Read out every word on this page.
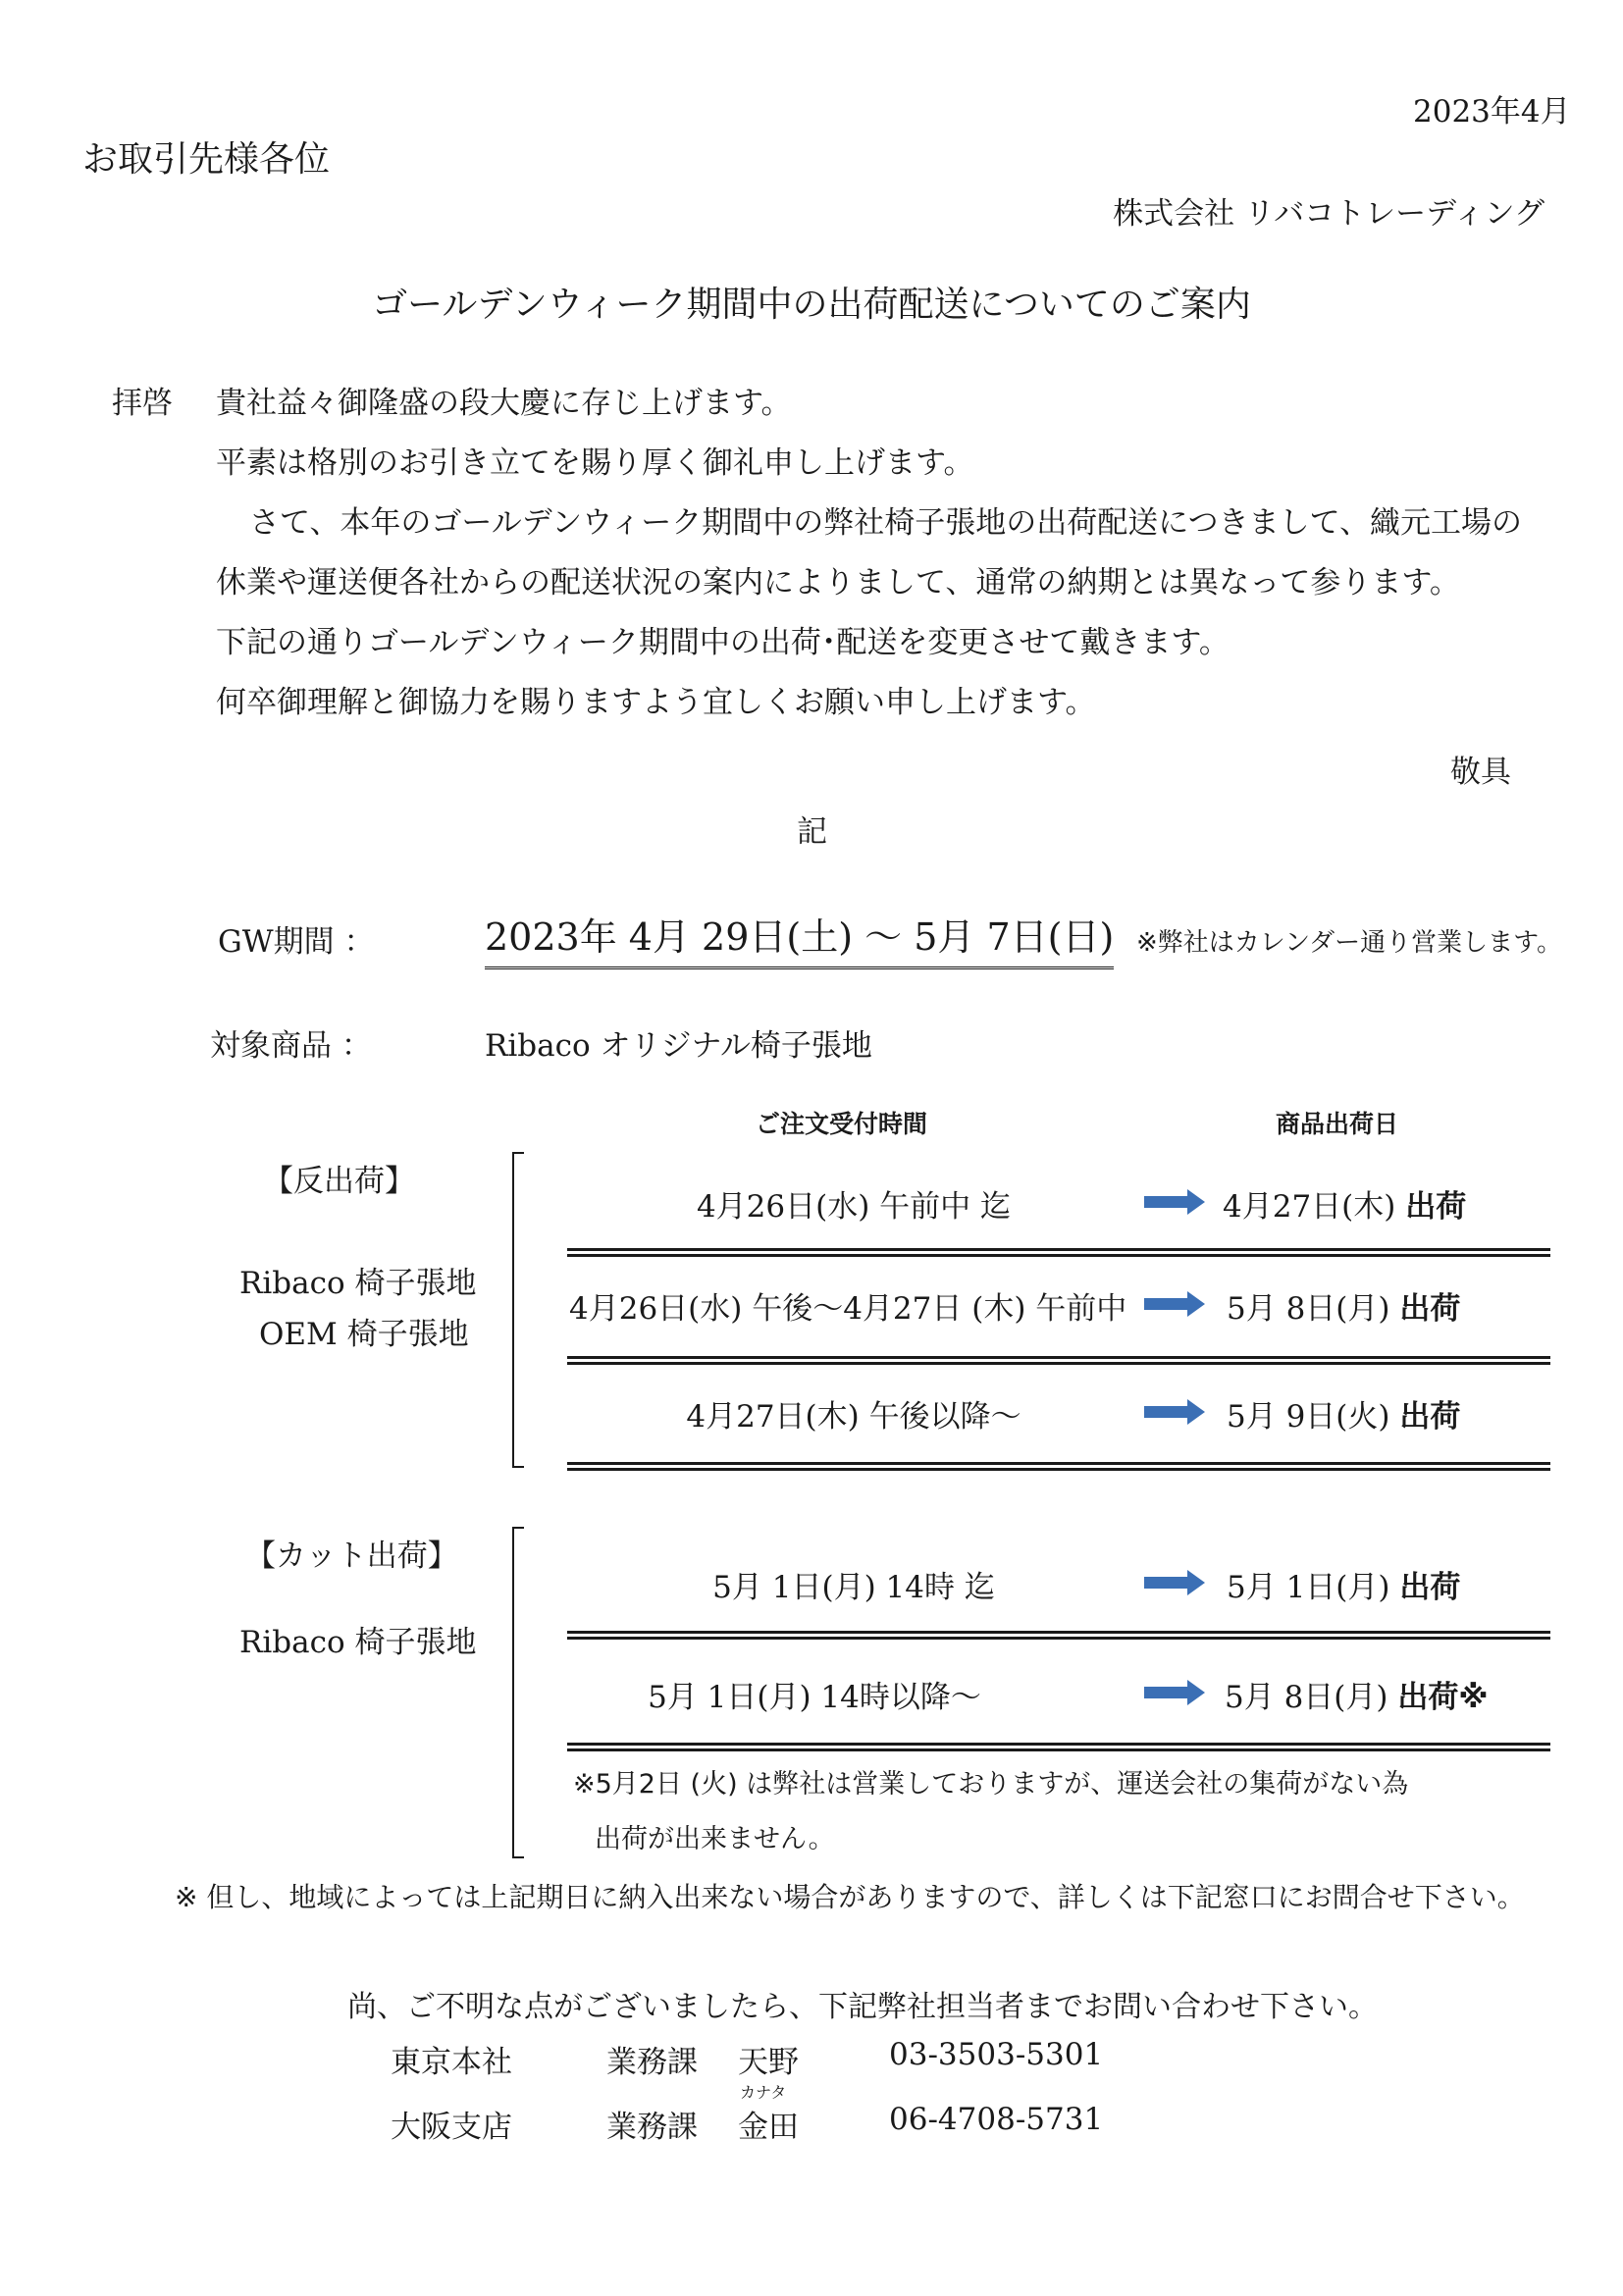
2023年4月
お取引先様各位
株式会社 リバコトレーディング
ゴールデンウィーク期間中の出荷配送についてのご案内
拝啓 貴社益々御隆盛の段大慶に存じ上げます。
平素は格別のお引き立てを賜り厚く御礼申し上げます。
さて、本年のゴールデンウィーク期間中の弊社椅子張地の出荷配送につきまして、織元工場の
休業や運送便各社からの配送状況の案内によりまして、通常の納期とは異なって参ります。
下記の通りゴールデンウィーク期間中の出荷･配送を変更させて戴きます。
何卒御理解と御協力を賜りますよう宜しくお願い申し上げます。
敬具
記
GW期間 ：	2023年 4月 29日(土) ～ 5月 7日(日) ※弊社はカレンダー通り営業します。
対象商品 ：	Ribaco オリジナル椅子張地
ご注文受付時間	商品出荷日
【反出荷】
Ribaco 椅子張地
OEM 椅子張地
4月26日(水) 午前中 迄	4月27日(木) 出荷
4月26日(水) 午後～4月27日 (木) 午前中	5月 8日(月) 出荷
4月27日(木) 午後以降～	5月 9日(火) 出荷
【カット出荷】
Ribaco 椅子張地
5月 1日(月) 14時 迄	5月 1日(月) 出荷
5月 1日(月) 14時以降～	5月 8日(月) 出荷※
※5月2日 (火) は弊社は営業しておりますが、運送会社の集荷がない為
出荷が出来ません。
※ 但し、地域によっては上記期日に納入出来ない場合がありますので、詳しくは下記窓口にお問合せ下さい。
尚、ご不明な点がございましたら、下記弊社担当者までお問い合わせ下さい。
東京本社	業務課 天野	03-3503-5301
カナタ
大阪支店	業務課 金田	06-4708-5731
